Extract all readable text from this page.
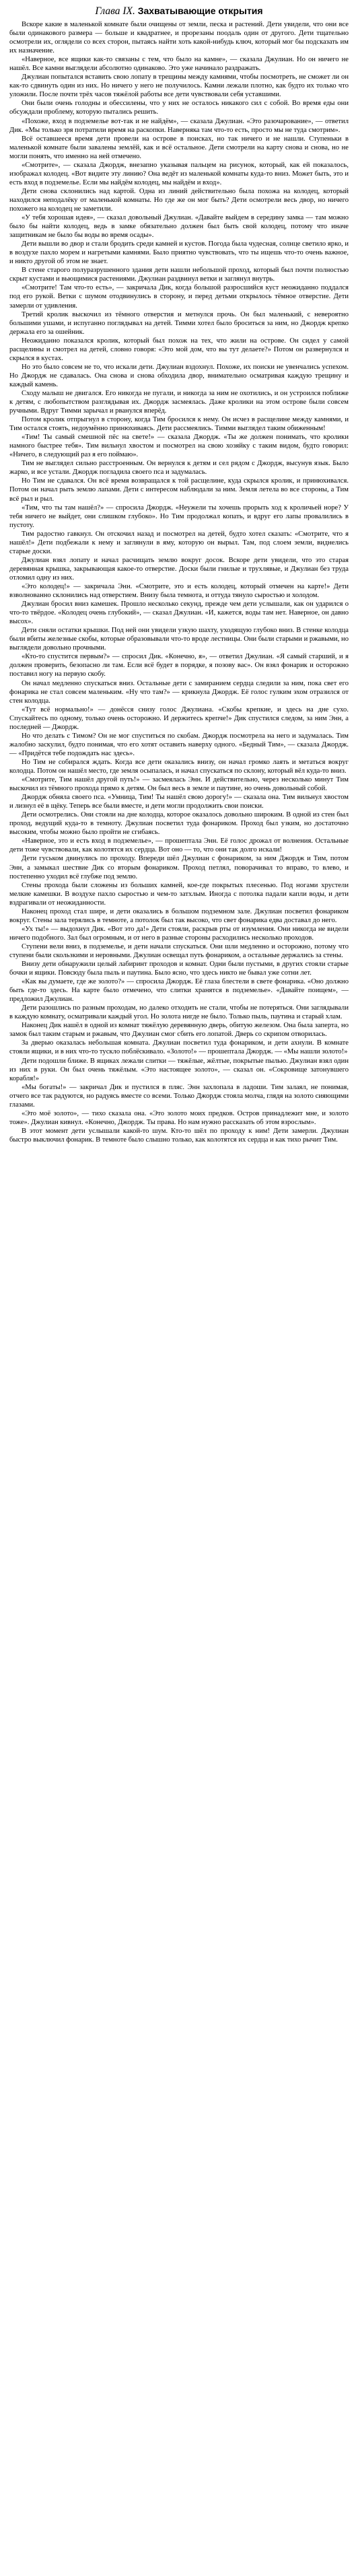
Глава IX. Захватывающие открытия

Вскоре какие в маленькой комнате были очищены от земли, песка и растений. Дети увидели, что они все были одинакового размера — больше и квадратнее, и прорезаны поодаль один от другого. Дети тщательно осмотрели их, оглядели со всех сторон, пытаясь найти хоть какой-нибудь ключ, который мог бы подсказать им их назначение.

«Наверное, все ящики как-то связаны с тем, что было на камне», — сказала Джулиан. Но он ничего не нашёл. Все камни выглядели абсолютно одинаково. Это уже начинало раздражать.

Джулиан попытался вставить свою лопату в трещины между камнями, чтобы посмотреть, не сможет ли он как-то сдвинуть один из них. Но ничего у него не получилось. Камни лежали плотно, как будто их только что уложили. После почти трёх часов тяжёлой работы все дети чувствовали себя уставшими.

Они были очень голодны и обессилены, что у них не осталось никакого сил с собой. Во время еды они обсуждали проблему, которую пытались решить.

«Похоже, вход в подземелье вот-так и не найдём», — сказала Джулиан. «Это разочарование», — ответил Дик. «Мы только зря потратили время на раскопки. Наверняка там что-то есть, просто мы не туда смотрим».

Всё оставшееся время дети провели на острове в поисках, но так ничего и не нашли. Ступеньки в маленькой комнате были завалены землёй, как и всё остальное. Дети смотрели на карту снова и снова, но не могли понять, что именно на ней отмечено.

«Смотрите», — сказала Джордж, внезапно указывая пальцем на рисунок, который, как ей показалось, изображал колодец. «Вот видите эту линию? Она ведёт из маленькой комнаты куда-то вниз. Может быть, это и есть вход в подземелье. Если мы найдём колодец, мы найдём и вход».

Дети снова склонились над картой. Одна из линий действительно была похожа на колодец, который находился неподалёку от маленькой комнаты. Но где же он мог быть? Дети осмотрели весь двор, но ничего похожего на колодец не заметили.

«У тебя хорошая идея», — сказал довольный Джулиан. «Давайте выйдем в середину замка — там можно было бы найти колодец, ведь в замке обязательно должен был быть свой колодец, потому что иначе защитникам не было бы воды во время осады».

Дети вышли во двор и стали бродить среди камней и кустов. Погода была чудесная, солнце светило ярко, и в воздухе пахло морем и нагретыми камнями. Было приятно чувствовать, что ты ищешь что-то очень важное, и никто другой об этом не знает.

В стене старого полуразрушенного здания дети нашли небольшой проход, который был почти полностью скрыт кустами и вьющимися растениями. Джулиан раздвинул ветки и заглянул внутрь.

«Смотрите! Там что-то есть», — закричала Дик, когда большой разросшийся куст неожиданно поддался под его рукой. Ветки с шумом отодвинулись в сторону, и перед детьми открылось тёмное отверстие. Дети замерли от удивления.

Третий кролик выскочил из тёмного отверстия и метнулся прочь. Он был маленький, с невероятно большими ушами, и испуганно поглядывал на детей. Тимми хотел было броситься за ним, но Джордж крепко держала его за ошейник.

Неожиданно показался кролик, который был похож на тех, что жили на острове. Он сидел у самой расщелины и смотрел на детей, словно говоря: «Это мой дом, что вы тут делаете?» Потом он развернулся и скрылся в кустах.

Но это было совсем не то, что искали дети. Джулиан вздохнул. Похоже, их поиски не увенчались успехом. Но Джордж не сдавалась. Она снова и снова обходила двор, внимательно осматривая каждую трещину и каждый камень.

Сходу малыш не двигался. Его никогда не пугали, и никогда за ним не охотились, и он устроился поближе к детям, с любопытством разглядывая их. Джордж засмеялась. Даже кролики на этом острове были совсем ручными. Вдруг Тимми зарычал и рванулся вперёд.

Потом кролик отпрыгнул в сторону, когда Тим бросился к нему. Он исчез в расщелине между камнями, и Тим остался стоять, недоумённо принюхиваясь. Дети рассмеялись. Тимми выглядел таким обиженным!

«Тим! Ты самый смешной пёс на свете!» — сказала Джордж. «Ты же должен понимать, что кролики намного быстрее тебя». Тим вильнул хвостом и посмотрел на свою хозяйку с таким видом, будто говорил: «Ничего, в следующий раз я его поймаю».

Тим не выглядел сильно расстроенным. Он вернулся к детям и сел рядом с Джордж, высунув язык. Было жарко, и все устали. Джордж погладила своего пса и задумалась.

Но Тим не сдавался. Он всё время возвращался к той расщелине, куда скрылся кролик, и принюхивался. Потом он начал рыть землю лапами. Дети с интересом наблюдали за ним. Земля летела во все стороны, а Тим всё рыл и рыл.

«Тим, что ты там нашёл?» — спросила Джордж. «Неужели ты хочешь прорыть ход к кроличьей норе? У тебя ничего не выйдет, они слишком глубоко». Но Тим продолжал копать, и вдруг его лапы провалились в пустоту.

Тим радостно гавкнул. Он отскочил назад и посмотрел на детей, будто хотел сказать: «Смотрите, что я нашёл!» Дети подбежали к нему и заглянули в яму, которую он вырыл. Там, под слоем земли, виднелись старые доски.

Джулиан взял лопату и начал расчищать землю вокруг досок. Вскоре дети увидели, что это старая деревянная крышка, закрывающая какое-то отверстие. Доски были гнилые и трухлявые, и Джулиан без труда отломил одну из них.

«Это колодец!» — закричала Энн. «Смотрите, это и есть колодец, который отмечен на карте!» Дети взволнованно склонились над отверстием. Внизу была темнота, и оттуда тянуло сыростью и холодом.

Джулиан бросил вниз камешек. Прошло несколько секунд, прежде чем дети услышали, как он ударился о что-то твёрдое. «Колодец очень глубокий», — сказал Джулиан. «И, кажется, воды там нет. Наверное, он давно высох».

Дети сняли остатки крышки. Под ней они увидели узкую шахту, уходящую глубоко вниз. В стенке колодца были вбиты железные скобы, которые образовывали что-то вроде лестницы. Они были старыми и ржавыми, но выглядели довольно прочными.

«Кто-то спустится первым?» — спросил Дик. «Конечно, я», — ответил Джулиан. «Я самый старший, и я должен проверить, безопасно ли там. Если всё будет в порядке, я позову вас». Он взял фонарик и осторожно поставил ногу на первую скобу.

Он начал медленно спускаться вниз. Остальные дети с замиранием сердца следили за ним, пока свет его фонарика не стал совсем маленьким. «Ну что там?» — крикнула Джордж. Её голос гулким эхом отразился от стен колодца.

«Тут всё нормально!» — донёсся снизу голос Джулиана. «Скобы крепкие, и здесь на дне сухо. Спускайтесь по одному, только очень осторожно. И держитесь крепче!» Дик спустился следом, за ним Энн, а последней — Джордж.

Но что делать с Тимом? Он не мог спуститься по скобам. Джордж посмотрела на него и задумалась. Тим жалобно заскулил, будто понимая, что его хотят оставить наверху одного. «Бедный Тим», — сказала Джордж. — «Придётся тебе подождать нас здесь».

Но Тим не собирался ждать. Когда все дети оказались внизу, он начал громко лаять и метаться вокруг колодца. Потом он нашёл место, где земля осыпалась, и начал спускаться по склону, который вёл куда-то вниз.

«Смотрите, Тим нашёл другой путь!» — засмеялась Энн. И действительно, через несколько минут Тим выскочил из тёмного прохода прямо к детям. Он был весь в земле и паутине, но очень довольный собой.

Джордж обняла своего пса. «Умница, Тим! Ты нашёл свою дорогу!» — сказала она. Тим вильнул хвостом и лизнул её в щёку. Теперь все были вместе, и дети могли продолжить свои поиски.

Дети осмотрелись. Они стояли на дне колодца, которое оказалось довольно широким. В одной из стен был проход, ведущий куда-то в темноту. Джулиан посветил туда фонариком. Проход был узким, но достаточно высоким, чтобы можно было пройти не сгибаясь.

«Наверное, это и есть вход в подземелье», — прошептала Энн. Её голос дрожал от волнения. Остальные дети тоже чувствовали, как колотятся их сердца. Вот оно — то, что они так долго искали!

Дети гуськом двинулись по проходу. Впереди шёл Джулиан с фонариком, за ним Джордж и Тим, потом Энн, а замыкал шествие Дик со вторым фонариком. Проход петлял, поворачивал то вправо, то влево, и постепенно уходил всё глубже под землю.

Стены прохода были сложены из больших камней, кое-где покрытых плесенью. Под ногами хрустели мелкие камешки. В воздухе пахло сыростью и чем-то затхлым. Иногда с потолка падали капли воды, и дети вздрагивали от неожиданности.

Наконец проход стал шире, и дети оказались в большом подземном зале. Джулиан посветил фонариком вокруг. Стены зала терялись в темноте, а потолок был так высоко, что свет фонарика едва доставал до него.

«Ух ты!» — выдохнул Дик. «Вот это да!» Дети стояли, раскрыв рты от изумления. Они никогда не видели ничего подобного. Зал был огромным, и от него в разные стороны расходились несколько проходов.

Ступени вели вниз, в подземелье, и дети начали спускаться. Они шли медленно и осторожно, потому что ступени были скользкими и неровными. Джулиан освещал путь фонариком, а остальные держались за стены.

Внизу дети обнаружили целый лабиринт проходов и комнат. Одни были пустыми, в других стояли старые бочки и ящики. Повсюду была пыль и паутина. Было ясно, что здесь никто не бывал уже сотни лет.

«Как вы думаете, где же золото?» — спросила Джордж. Её глаза блестели в свете фонарика. «Оно должно быть где-то здесь. На карте было отмечено, что слитки хранятся в подземелье». «Давайте поищем», — предложил Джулиан.

Дети разошлись по разным проходам, но далеко отходить не стали, чтобы не потеряться. Они заглядывали в каждую комнату, осматривали каждый угол. Но золота нигде не было. Только пыль, паутина и старый хлам.

Наконец Дик нашёл в одной из комнат тяжёлую деревянную дверь, обитую железом. Она была заперта, но замок был таким старым и ржавым, что Джулиан смог сбить его лопатой. Дверь со скрипом отворилась.

За дверью оказалась небольшая комната. Джулиан посветил туда фонариком, и дети ахнули. В комнате стояли ящики, и в них что-то тускло поблёскивало. «Золото!» — прошептала Джордж. — «Мы нашли золото!»

Дети подошли ближе. В ящиках лежали слитки — тяжёлые, жёлтые, покрытые пылью. Джулиан взял один из них в руки. Он был очень тяжёлым. «Это настоящее золото», — сказал он. «Сокровище затонувшего корабля!»

«Мы богаты!» — закричал Дик и пустился в пляс. Энн захлопала в ладоши. Тим залаял, не понимая, отчего все так радуются, но радуясь вместе со всеми. Только Джордж стояла молча, глядя на золото сияющими глазами.

«Это моё золото», — тихо сказала она. «Это золото моих предков. Остров принадлежит мне, и золото тоже». Джулиан кивнул. «Конечно, Джордж. Ты права. Но нам нужно рассказать об этом взрослым».

В этот момент дети услышали какой-то шум. Кто-то шёл по проходу к ним! Дети замерли. Джулиан быстро выключил фонарик. В темноте было слышно только, как колотятся их сердца и как тихо рычит Тим.
